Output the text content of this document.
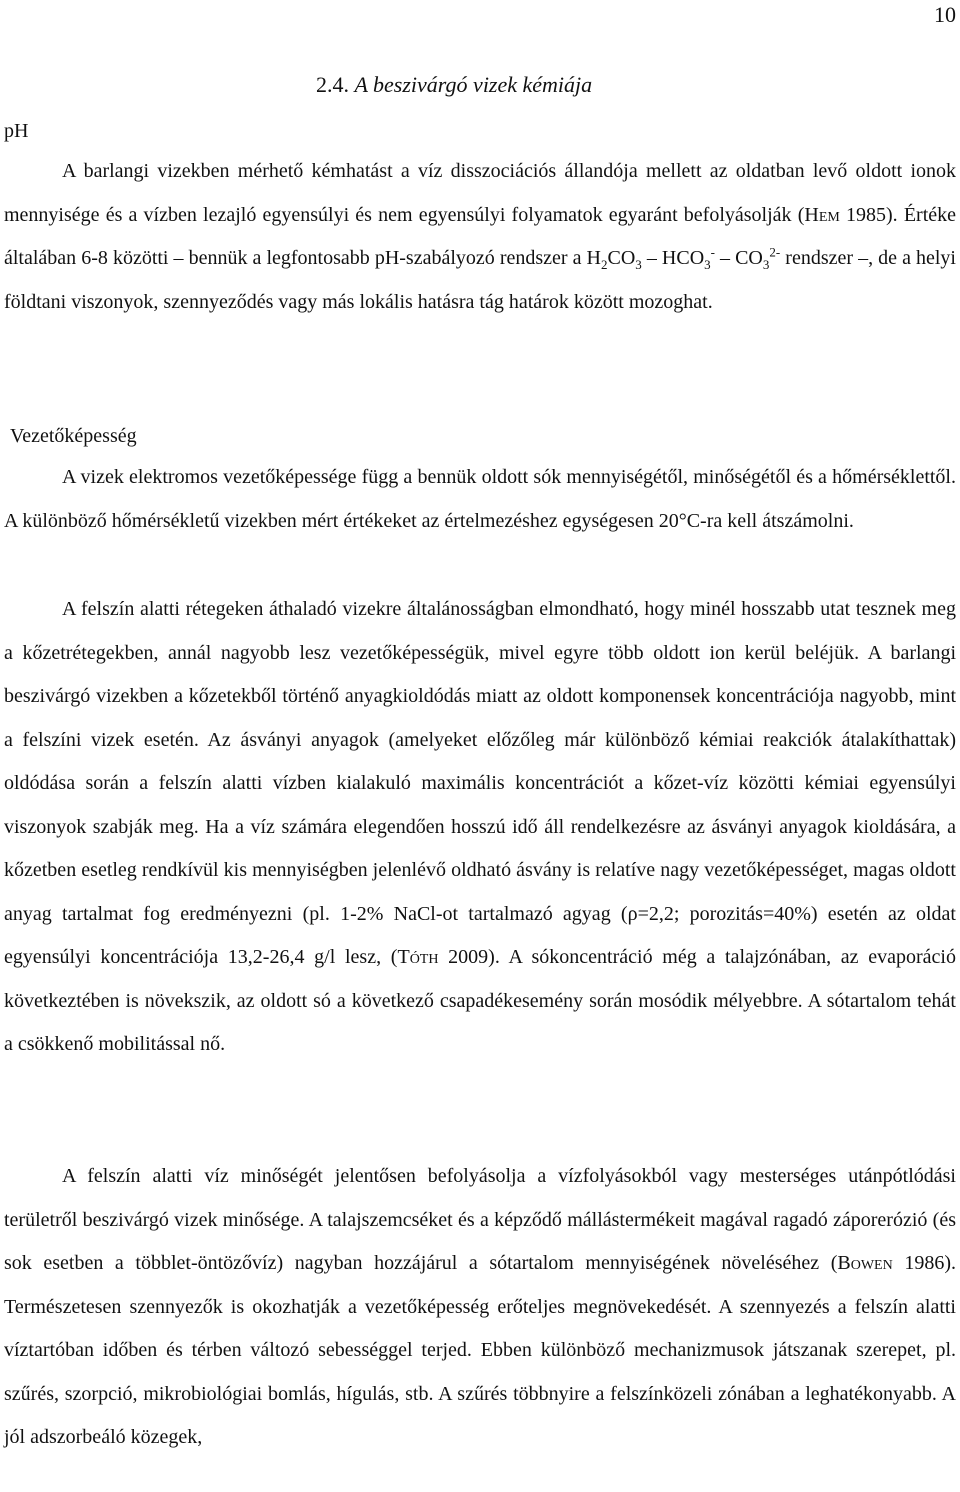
10
2.4. A beszivárgó vizek kémiája
pH
A barlangi vizekben mérhető kémhatást a víz disszociációs állandója mellett az oldatban levő oldott ionok mennyisége és a vízben lezajló egyensúlyi és nem egyensúlyi folyamatok egyaránt befolyásolják (Hem 1985). Értéke általában 6-8 közötti – bennük a legfontosabb pH-szabályozó rendszer a $H_2CO_3 - HCO_3^- - CO_3^{2-}$ rendszer –, de a helyi földtani viszonyok, szennyeződés vagy más lokális hatásra tág határok között mozoghat.
Vezetőképesség
A vizek elektromos vezetőképessége függ a bennük oldott sók mennyiségétől, minőségétől és a hőmérséklettől. A különböző hőmérsékletű vizekben mért értékeket az értelmezéshez egységesen 20°C-ra kell átszámolni.
A felszín alatti rétegeken áthaladó vizekre általánosságban elmondható, hogy minél hosszabb utat tesznek meg a kőzetrétegekben, annál nagyobb lesz vezetőképességük, mivel egyre több oldott ion kerül beléjük. A barlangi beszivárgó vizekben a kőzetekből történő anyagkioldódás miatt az oldott komponensek koncentrációja nagyobb, mint a felszíni vizek esetén. Az ásványi anyagok (amelyeket előzőleg már különböző kémiai reakciók átalakíthattak) oldódása során a felszín alatti vízben kialakuló maximális koncentrációt a kőzet-víz közötti kémiai egyensúlyi viszonyok szabják meg. Ha a víz számára elegendően hosszú idő áll rendelkezésre az ásványi anyagok kioldására, a kőzetben esetleg rendkívül kis mennyiségben jelenlévő oldható ásvány is relatíve nagy vezetőképességet, magas oldott anyag tartalmat fog eredményezni (pl. 1-2% NaCl-ot tartalmazó agyag (ρ=2,2; porozitás=40%) esetén az oldat egyensúlyi koncentrációja 13,2-26,4 g/l lesz, (Tóth 2009). A sókoncentráció még a talajzónában, az evaporáció következtében is növekszik, az oldott só a következő csapadékesemény során mosódik mélyebbre. A sótartalom tehát a csökkenő mobilitással nő.
A felszín alatti víz minőségét jelentősen befolyásolja a vízfolyásokból vagy mesterséges utánpótlódási területről beszivárgó vizek minősége. A talajszemcséket és a képződő mállástermékeit magával ragadó záporerózió (és sok esetben a többlet-öntözővíz) nagyban hozzájárul a sótartalom mennyiségének növeléséhez (Bowen 1986). Természetesen szennyezők is okozhatják a vezetőképesség erőteljes megnövekedését. A szennyezés a felszín alatti víztartóban időben és térben változó sebességgel terjed. Ebben különböző mechanizmusok játszanak szerepet, pl. szűrés, szorpció, mikrobiológiai bomlás, hígulás, stb. A szűrés többnyire a felszínközeli zónában a leghatékonyabb. A jól adszorbeáló közegek,
